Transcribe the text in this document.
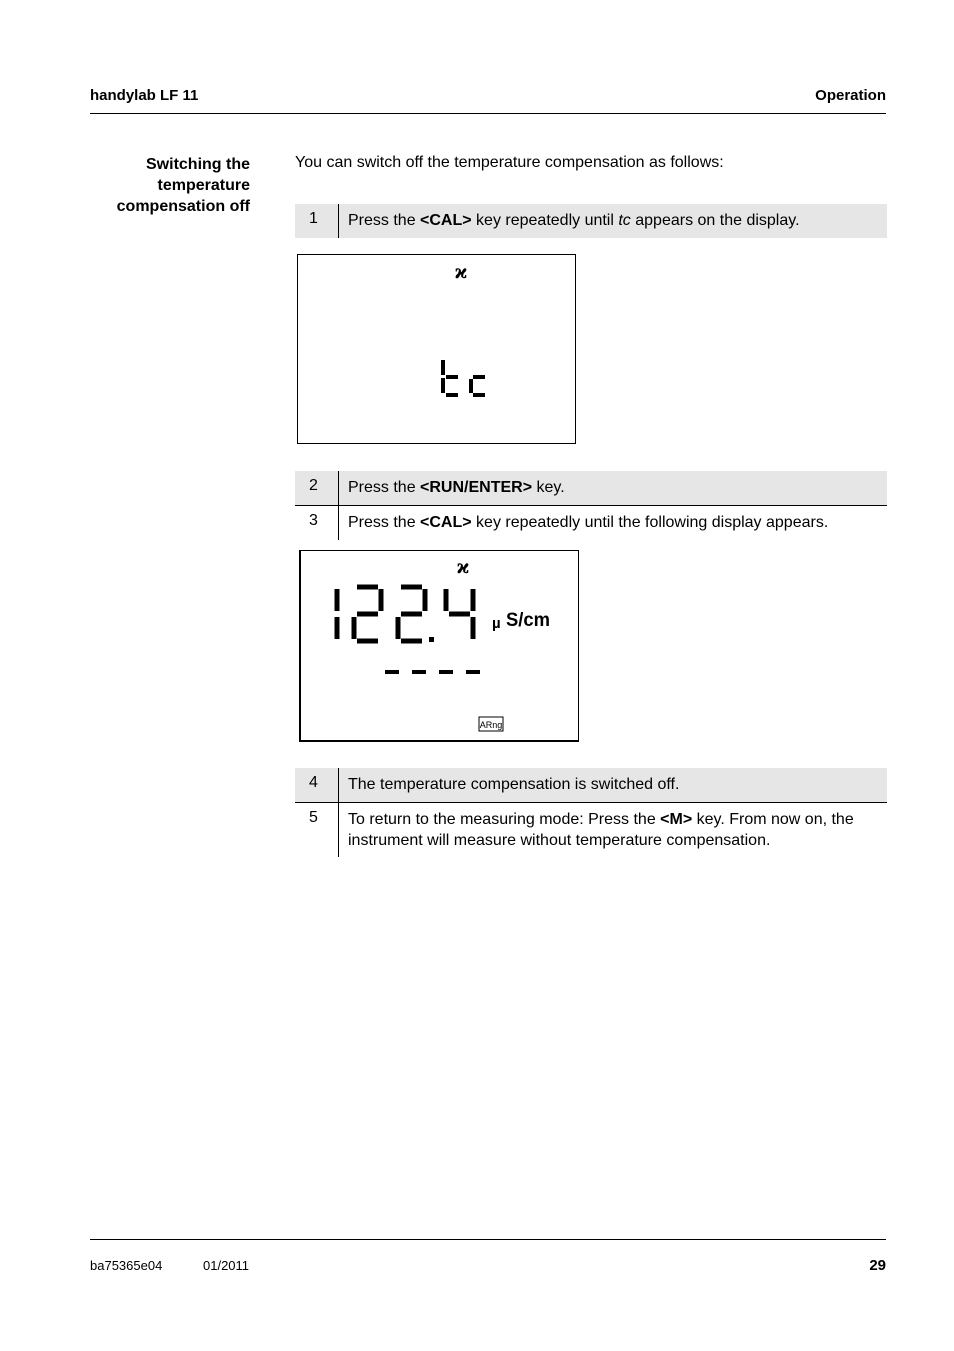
handylab LF 11	Operation
Switching the temperature compensation off
You can switch off the temperature compensation as follows:
1	Press the <CAL> key repeatedly until tc appears on the display.
ϰ
2	Press the <RUN/ENTER> key.
3	Press the <CAL> key repeatedly until the following display appears.
ϰ
µ S/cm
----
ARng
4	The temperature compensation is switched off.
5	To return to the measuring mode: Press the <M> key. From now on, the instrument will measure without temperature compensation.
ba75365e04	01/2011	29
